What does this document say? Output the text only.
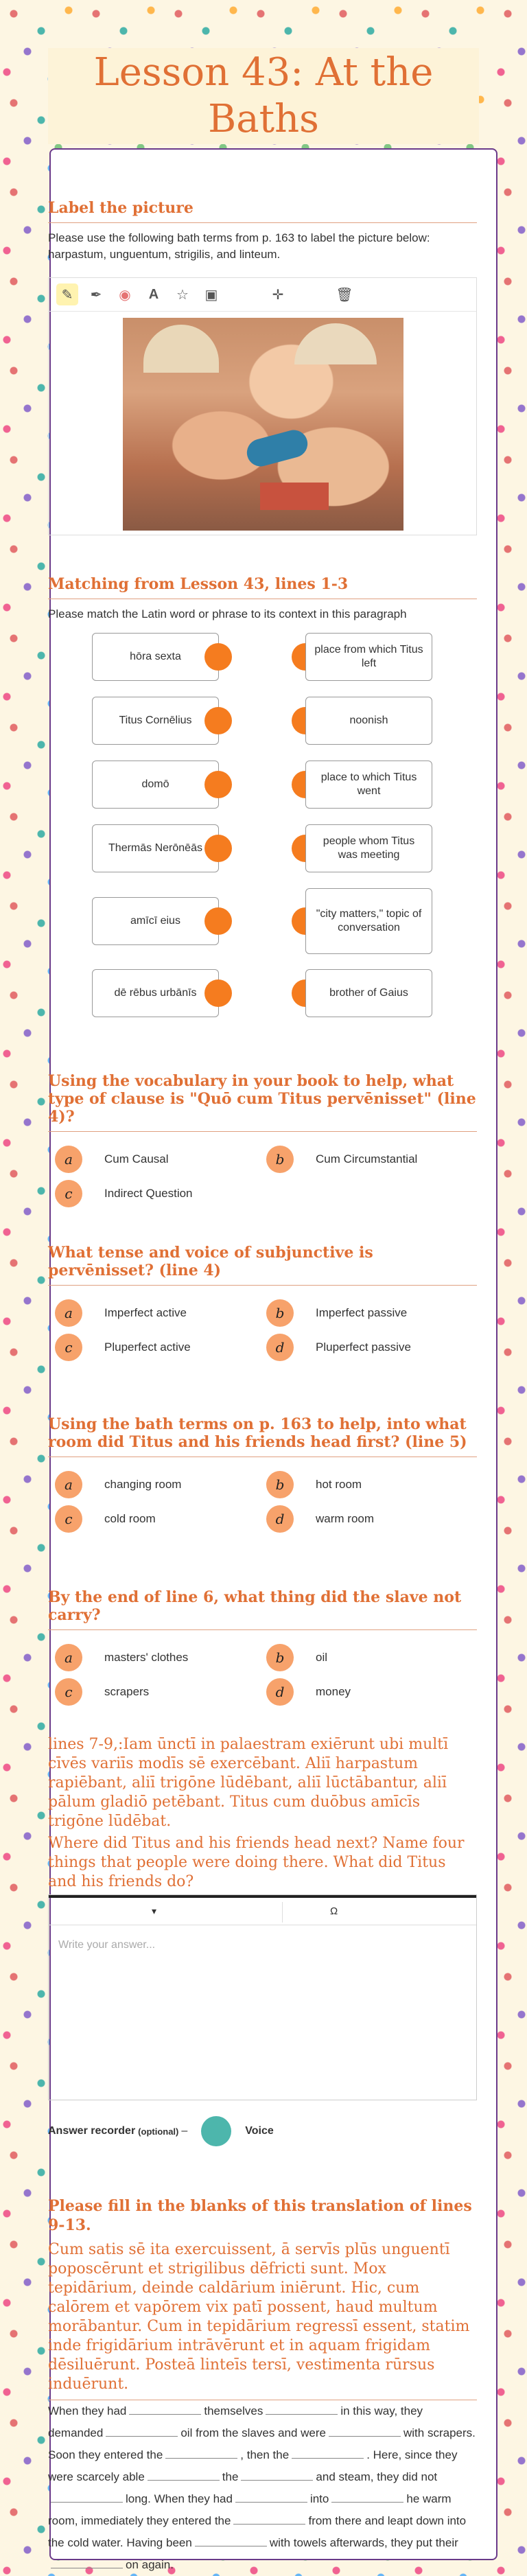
Lesson 43: At the Baths
Label the picture
Please use the following bath terms from p. 163 to label the picture below: harpastum, unguentum, strigilis, and linteum.
✎	✒	◉	A	☆	▣	✛	🗑
Matching from Lesson 43, lines 1-3
Please match the Latin word or phrase to its context in this paragraph
hōra sexta
place from which Titus left
Titus Cornēlius	noonish
domō
place to which Titus went
Thermās Nerōnēās
people whom Titus was meeting
amīcī eius
"city matters," topic of conversation
dē rēbus urbānīs	brother of Gaius
Using the vocabulary in your book to help, what type of clause is "Quō cum Titus pervēnisset" (line 4)?
a	Cum Causal	b	Cum Circumstantial
c	Indirect Question
What tense and voice of subjunctive is pervēnisset? (line 4)
a	Imperfect active	b	Imperfect passive
c	Pluperfect active	d	Pluperfect passive
Using the bath terms on p. 163 to help, into what room did Titus and his friends head first? (line 5)
a	changing room	b	hot room
c	cold room	d	warm room
By the end of line 6, what thing did the slave not carry?
a	masters' clothes	b	oil
c	scrapers	d	money

lines 7-9,:Iam ūnctī in palaestram exiērunt ubi multī cīvēs variīs modīs sē exercēbant. Aliī harpastum rapiēbant, aliī trigōne lūdēbant, aliī lūctābantur, aliī pālum gladiō petēbant. Titus cum duōbus amīcīs trigōne lūdēbat.

Where did Titus and his friends head next? Name four things that people were doing there. What did Titus and his friends do?

▾	Ω
Write your answer...
Answer recorder (optional) –	Voice
Please fill in the blanks of this translation of lines 9-13.

Cum satis sē ita exercuissent, ā servīs plūs unguentī poposcērunt et strigilibus dēfricti sunt. Mox tepidārium, deinde caldārium iniērunt. Hic, cum calōrem et vapōrem vix patī possent, haud multum morābantur. Cum in tepidārium regressī essent, statim inde frigidārium intrāvērunt et in aquam frigidam dēsiluērunt. Posteā linteīs tersī, vestimenta rūrsus induērunt.

When they had	themselves	in this way, they demanded	oil from the slaves and were	with scrapers. Soon they entered the	, then the	. Here, since they were scarcely able	the	and steam, they did notlong. When they had	into	he warm room, immediately they entered the	from there and leapt down into the cold water. Having been	with towels afterwards, they put theiron again.
